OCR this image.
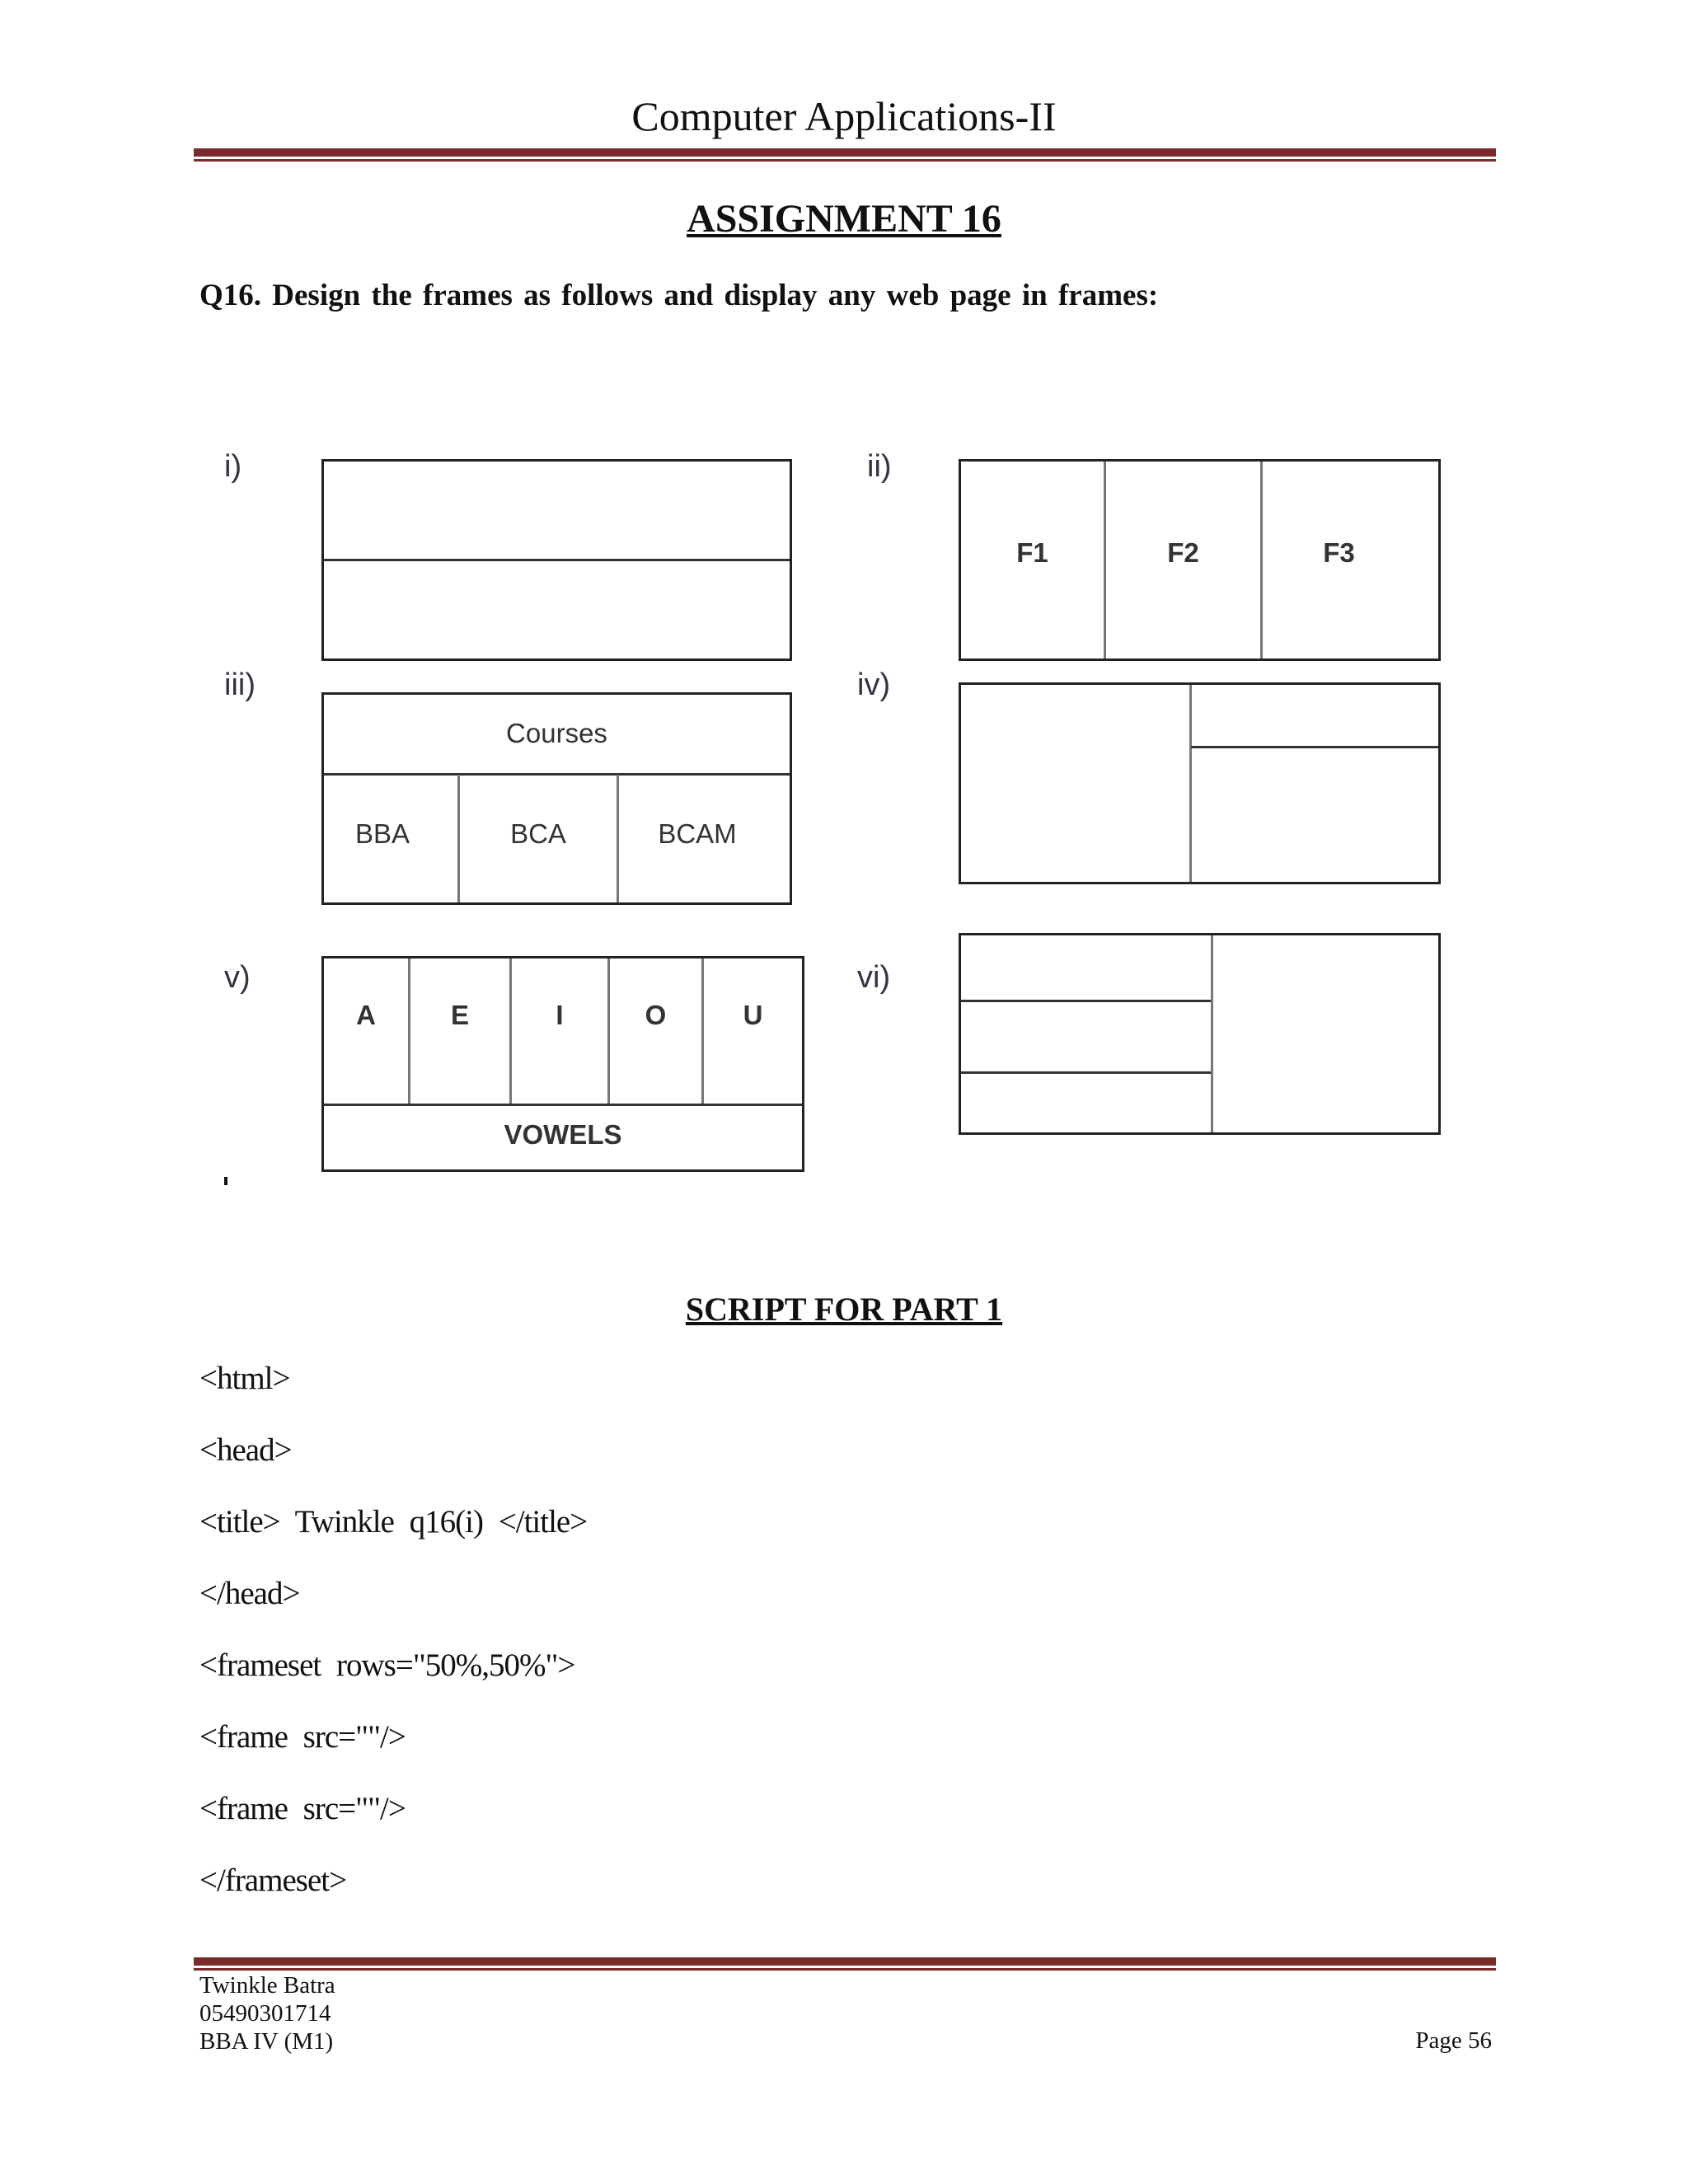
Computer Applications-II
ASSIGNMENT 16
Q16. Design the frames as follows and display any web page in frames:
i)	ii)
F1	F2	F3
iii)
Courses
BBA	BCA	BCAM
iv)
v)
A	E	I	O	U
VOWELS
vi)
SCRIPT FOR PART 1
<html>
<head>
<title> Twinkle q16(i) </title>
</head>
<frameset rows="50%,50%">
<frame src=""/>
<frame src=""/>
</frameset>
Twinkle Batra
05490301714
BBA IV (M1)	Page 56
